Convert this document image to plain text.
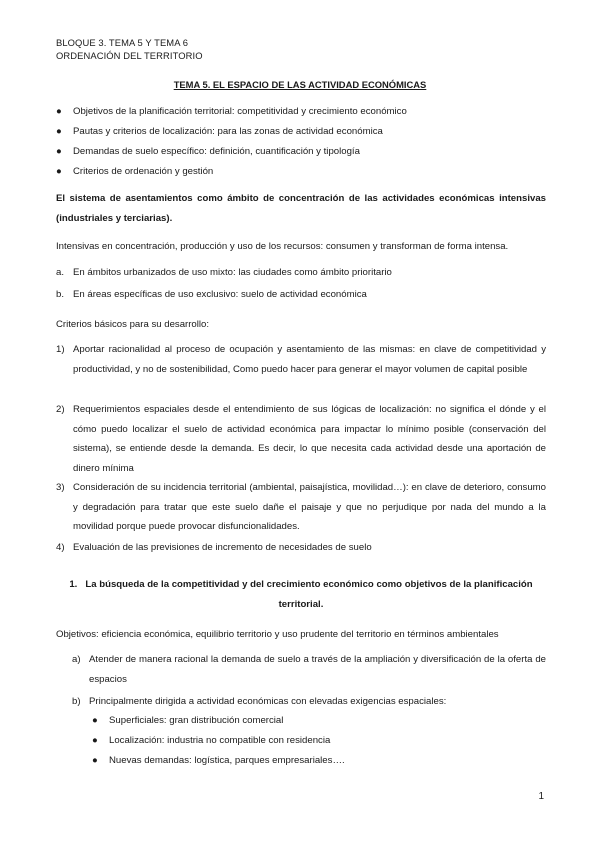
BLOQUE 3. TEMA 5 Y TEMA 6
ORDENACIÓN DEL TERRITORIO
TEMA 5. EL ESPACIO DE LAS ACTIVIDAD ECONÓMICAS
●	Objetivos de la planificación territorial: competitividad y crecimiento económico
●	Pautas y criterios de localización: para las zonas de actividad económica
●	Demandas de suelo específico: definición, cuantificación y tipología
●	Criterios de ordenación y gestión
El sistema de asentamientos como ámbito de concentración de las actividades económicas intensivas (industriales y terciarias).
Intensivas en concentración, producción y uso de los recursos: consumen y transforman de forma intensa.
a. En ámbitos urbanizados de uso mixto: las ciudades como ámbito prioritario
b. En áreas específicas de uso exclusivo: suelo de actividad económica
Criterios básicos para su desarrollo:
1) Aportar racionalidad al proceso de ocupación y asentamiento de las mismas: en clave de competitividad y productividad, y no de sostenibilidad, Como puedo hacer para generar el mayor volumen de capital posible
2) Requerimientos espaciales desde el entendimiento de sus lógicas de localización: no significa el dónde y el cómo puedo localizar el suelo de actividad económica para impactar lo mínimo posible (conservación del sistema), se entiende desde la demanda. Es decir, lo que necesita cada actividad desde una aportación de dinero mínima
3) Consideración de su incidencia territorial (ambiental, paisajística, movilidad…): en clave de deterioro, consumo y degradación para tratar que este suelo dañe el paisaje y que no perjudique por nada del mundo a la movilidad porque puede provocar disfuncionalidades.
4) Evaluación de las previsiones de incremento de necesidades de suelo
1. La búsqueda de la competitividad y del crecimiento económico como objetivos de la planificación territorial.
Objetivos: eficiencia económica, equilibrio territorio y uso prudente del territorio en términos ambientales
a) Atender de manera racional la demanda de suelo a través de la ampliación y diversificación de la oferta de espacios
b) Principalmente dirigida a actividad económicas con elevadas exigencias espaciales:
●	Superficiales: gran distribución comercial
●	Localización: industria no compatible con residencia
●	Nuevas demandas: logística, parques empresariales….
1
